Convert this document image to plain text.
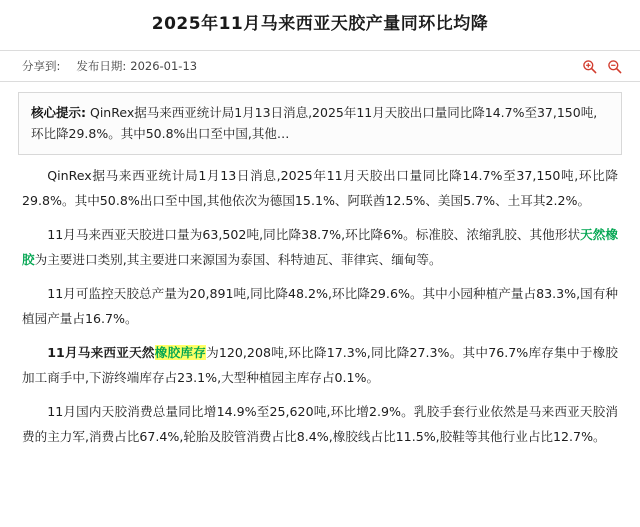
2025年11月马来西亚天胶产量同环比均降
分享到: 发布日期: 2026-01-13
核心提示: QinRex据马来西亚统计局1月13日消息,2025年11月天胶出口量同比降14.7%至37,150吨,环比降29.8%。其中50.8%出口至中国,其他…

QinRex据马来西亚统计局1月13日消息,2025年11月天胶出口量同比降14.7%至37,150吨,环比降29.8%。其中50.8%出口至中国,其他依次为德国15.1%、阿联酋12.5%、美国5.7%、土耳其2.2%。

11月马来西亚天胶进口量为63,502吨,同比降38.7%,环比降6%。标准胶、浓缩乳胶、其他形状天然橡胶为主要进口类别,其主要进口来源国为泰国、科特迪瓦、菲律宾、缅甸等。

11月可监控天胶总产量为20,891吨,同比降48.2%,环比降29.6%。其中小园种植产量占83.3%,国有种植园产量占16.7%。

11月马来西亚天然橡胶库存为120,208吨,环比降17.3%,同比降27.3%。其中76.7%库存集中于橡胶加工商手中,下游终端库存占23.1%,大型种植园主库存占0.1%。

11月国内天胶消费总量同比增14.9%至25,620吨,环比增2.9%。乳胶手套行业依然是马来西亚天胶消费的主力军,消费占比67.4%,轮胎及胶管消费占比8.4%,橡胶线占比11.5%,胶鞋等其他行业占比12.7%。
